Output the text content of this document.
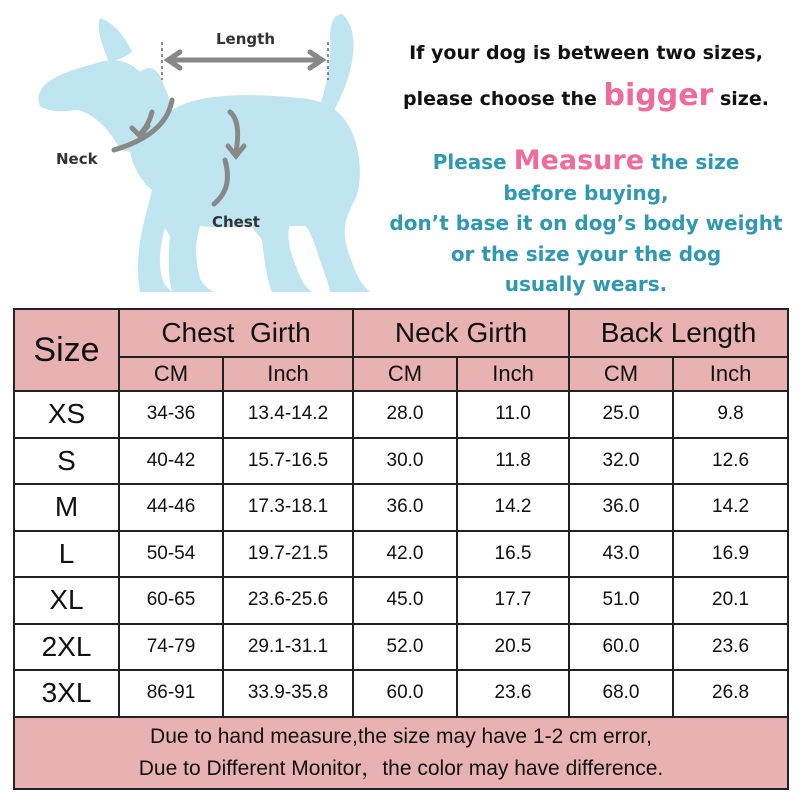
Length
Neck
Chest
If your dog is between two sizes,
please choose the bigger size.
Please Measure the size
before buying,
don’t base it on dog’s body weight
or the size your the dog
usually wears.
Size	Chest  Girth		Neck Girth		Back Length	
	CM	Inch	CM	Inch	CM	Inch
XS	34-36	13.4-14.2	28.0	11.0	25.0	9.8
S	40-42	15.7-16.5	30.0	11.8	32.0	12.6
M	44-46	17.3-18.1	36.0	14.2	36.0	14.2
L	50-54	19.7-21.5	42.0	16.5	43.0	16.9
XL	60-65	23.6-25.6	45.0	17.7	51.0	20.1
2XL	74-79	29.1-31.1	52.0	20.5	60.0	23.6
3XL	86-91	33.9-35.8	60.0	23.6	68.0	26.8

Due to hand measure,the size may have 1-2 cm error,
Due to Different Monitor，the color may have difference.						
